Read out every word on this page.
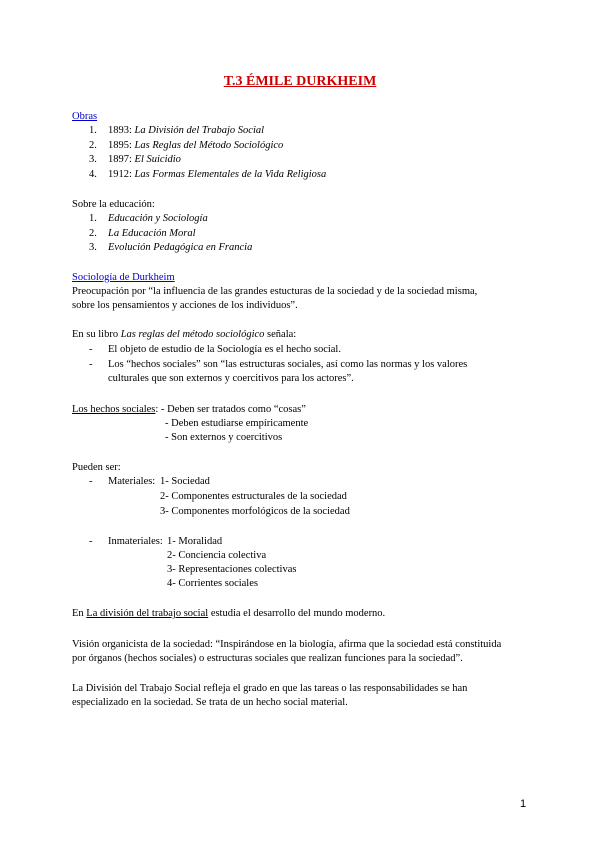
T.3 ÉMILE DURKHEIM
Obras
1. 1893: La División del Trabajo Social
2. 1895: Las Reglas del Método Sociológico
3. 1897: El Suicidio
4. 1912: Las Formas Elementales de la Vida Religiosa
Sobre la educación:
1. Educación y Sociología
2. La Educación Moral
3. Evolución Pedagógica en Francia
Sociología de Durkheim
Preocupación por “la influencia de las grandes estucturas de la sociedad y de la sociedad misma,
sobre los pensamientos y acciones de los individuos”.
En su libro Las reglas del método sociológico señala:
- El objeto de estudio de la Sociología es el hecho social.
- Los “hechos sociales” son “las estructuras sociales, así como las normas y los valores
culturales que son externos y coercitivos para los actores”.
Los hechos sociales: - Deben ser tratados como “cosas”
- Deben estudiarse empíricamente
- Son externos y coercitivos
Pueden ser:
- Materiales: 1- Sociedad
2- Componentes estructurales de la sociedad
3- Componentes morfológicos de la sociedad
- Inmateriales: 1- Moralidad
2- Conciencia colectiva
3- Representaciones colectivas
4- Corrientes sociales
En La división del trabajo social estudia el desarrollo del mundo moderno.
Visión organicista de la sociedad: “Inspirándose en la biología, afirma que la sociedad está constituida
por órganos (hechos sociales) o estructuras sociales que realizan funciones para la sociedad”.
La División del Trabajo Social refleja el grado en que las tareas o las responsabilidades se han
especializado en la sociedad. Se trata de un hecho social material.
1
